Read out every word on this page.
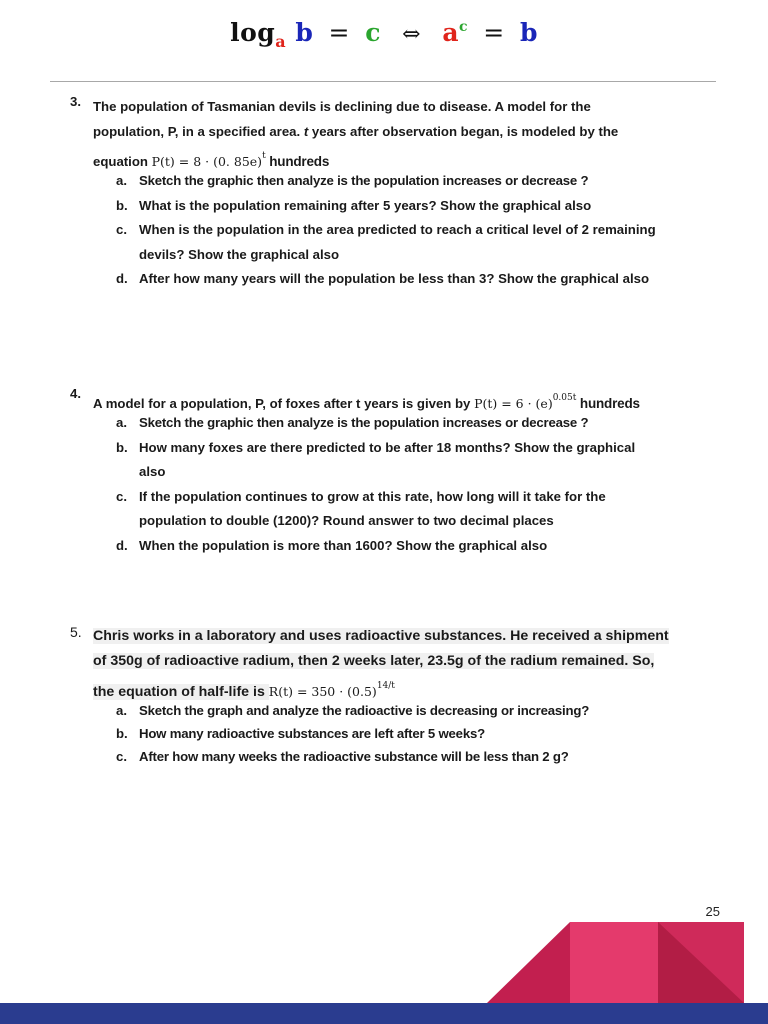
$\log_a b = c$ ⇔ $a^c = b$
3. The population of Tasmanian devils is declining due to disease. A model for the
population, P, in a specified area. t years after observation began, is modeled by the
equation P(t) = 8 · (0. 85e)$^t$ hundreds
a. Sketch the graphic then analyze is the population increases or decrease ?
b. What is the population remaining after 5 years? Show the graphical also
c. When is the population in the area predicted to reach a critical level of 2 remaining
devils? Show the graphical also
d. After how many years will the population be less than 3? Show the graphical also
4.
A model for a population, P, of foxes after t years is given by $P(t) = 6 \cdot (e)^{0.05t}$ hundreds
a. Sketch the graphic then analyze is the population increases or decrease ?
b. How many foxes are there predicted to be after 18 months? Show the graphical
also
c. If the population continues to grow at this rate, how long will it take for the
population to double (1200)? Round answer to two decimal places
d. When the population is more than 1600? Show the graphical also
5. Chris works in a laboratory and uses radioactive substances. He received a shipment
of 350g of radioactive radium, then 2 weeks later, 23.5g of the radium remained. So,
the equation of half-life is $R(t) = 350 \cdot (0.5)^{14/t}$
a. Sketch the graph and analyze the radioactive is decreasing or increasing?
b. How many radioactive substances are left after 5 weeks?
c. After how many weeks the radioactive substance will be less than 2 g?
25
